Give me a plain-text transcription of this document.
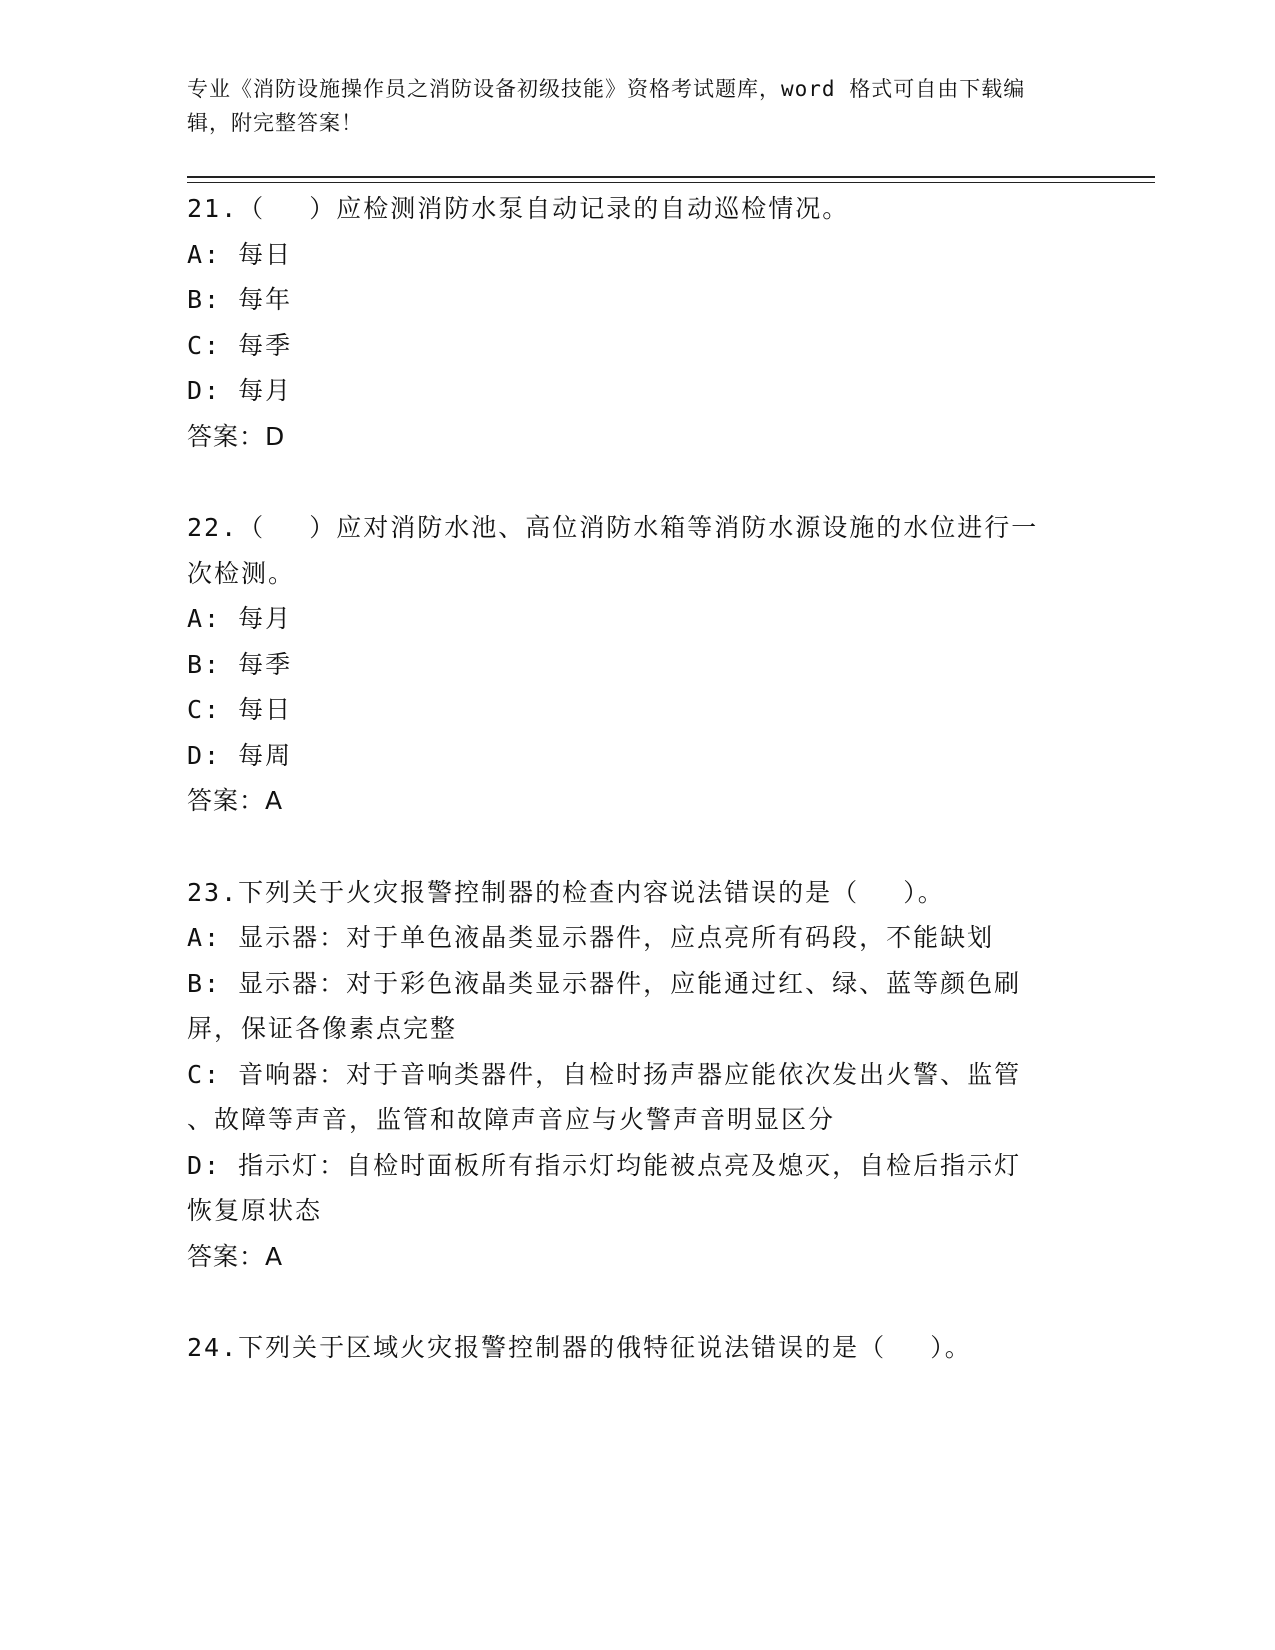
专业《消防设施操作员之消防设备初级技能》资格考试题库，word 格式可自由下载编辑，附完整答案！
21.（　 ）应检测消防水泵自动记录的自动巡检情况。
A: 每日
B: 每年
C: 每季
D: 每月
答案：D
22.（　 ）应对消防水池、高位消防水箱等消防水源设施的水位进行一
次检测。
A: 每月
B: 每季
C: 每日
D: 每周
答案：A
23.下列关于火灾报警控制器的检查内容说法错误的是（　 ）。
A: 显示器：对于单色液晶类显示器件，应点亮所有码段，不能缺划
B: 显示器：对于彩色液晶类显示器件，应能通过红、绿、蓝等颜色刷
屏，保证各像素点完整
C: 音响器：对于音响类器件，自检时扬声器应能依次发出火警、监管
、故障等声音，监管和故障声音应与火警声音明显区分
D: 指示灯：自检时面板所有指示灯均能被点亮及熄灭，自检后指示灯
恢复原状态
答案：A
24.下列关于区域火灾报警控制器的俄特征说法错误的是（　 ）。
